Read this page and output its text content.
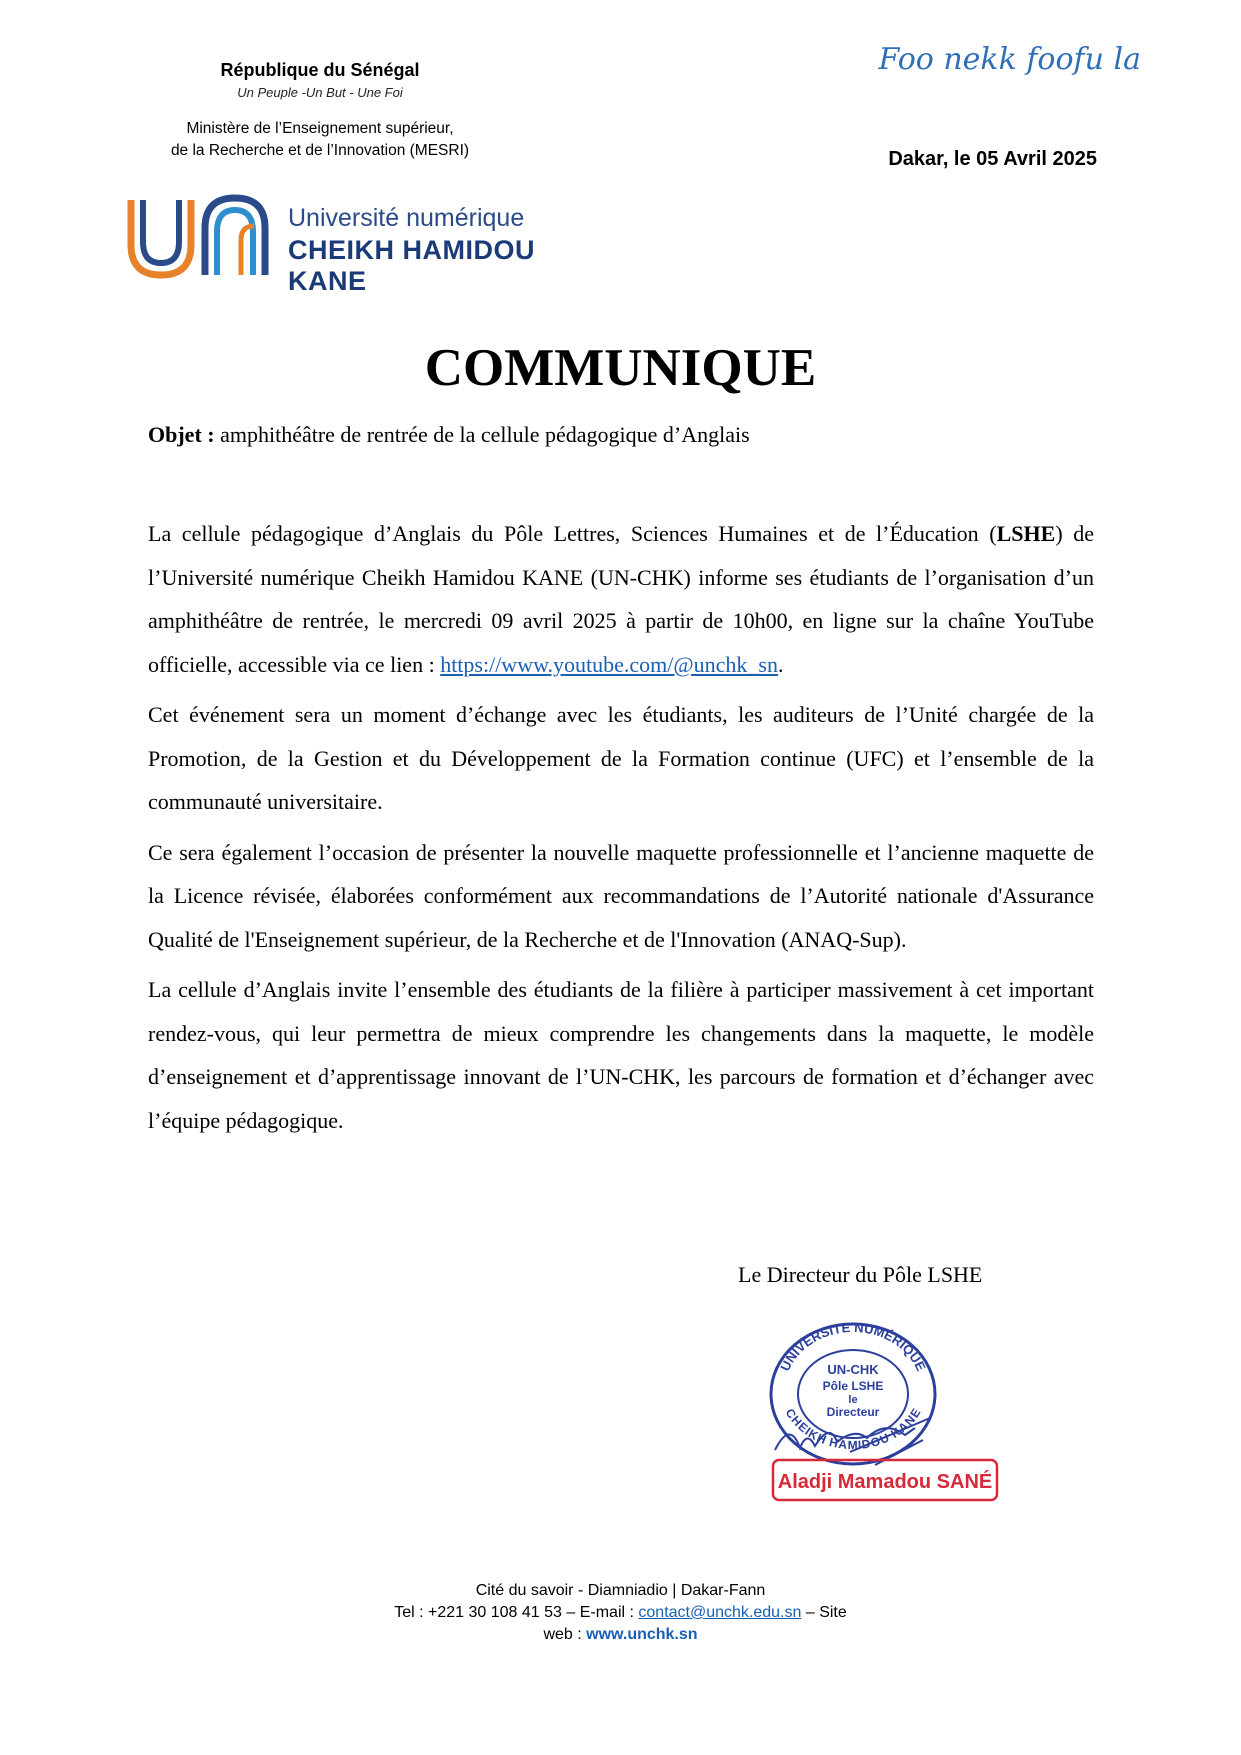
République du Sénégal
Un Peuple -Un But - Une Foi
Ministère de l’Enseignement supérieur,
de la Recherche et de l’Innovation (MESRI)
Université numérique
CHEIKH HAMIDOU KANE
Foo nekk foofu la
Dakar, le 05 Avril 2025
COMMUNIQUE
Objet : amphithéâtre de rentrée de la cellule pédagogique d’Anglais

La cellule pédagogique d’Anglais du Pôle Lettres, Sciences Humaines et de l’Éducation (LSHE) de l’Université numérique Cheikh Hamidou KANE (UN-CHK) informe ses étudiants de l’organisation d’un amphithéâtre de rentrée, le mercredi 09 avril 2025 à partir de 10h00, en ligne sur la chaîne YouTube officielle, accessible via ce lien : https://www.youtube.com/@unchk_sn.

Cet événement sera un moment d’échange avec les étudiants, les auditeurs de l’Unité chargée de la Promotion, de la Gestion et du Développement de la Formation continue (UFC) et l’ensemble de la communauté universitaire.

Ce sera également l’occasion de présenter la nouvelle maquette professionnelle et l’ancienne maquette de la Licence révisée, élaborées conformément aux recommandations de l’Autorité nationale d'Assurance Qualité de l'Enseignement supérieur, de la Recherche et de l'Innovation (ANAQ-Sup).

La cellule d’Anglais invite l’ensemble des étudiants de la filière à participer massivement à cet important rendez-vous, qui leur permettra de mieux comprendre les changements dans la maquette, le modèle d’enseignement et d’apprentissage innovant de l’UN-CHK, les parcours de formation et d’échanger avec l’équipe pédagogique.

Le Directeur du Pôle LSHE
UNIVERSITE NUMÉRIQUE
CHEIKH HAMIDOU KANE
UN-CHK
Pôle LSHE
le
Directeur
Aladji Mamadou SANÉ
Cité du savoir - Diamniadio | Dakar-Fann
Tel : +221 30 108 41 53 – E-mail : contact@unchk.edu.sn – Site
web : www.unchk.sn
